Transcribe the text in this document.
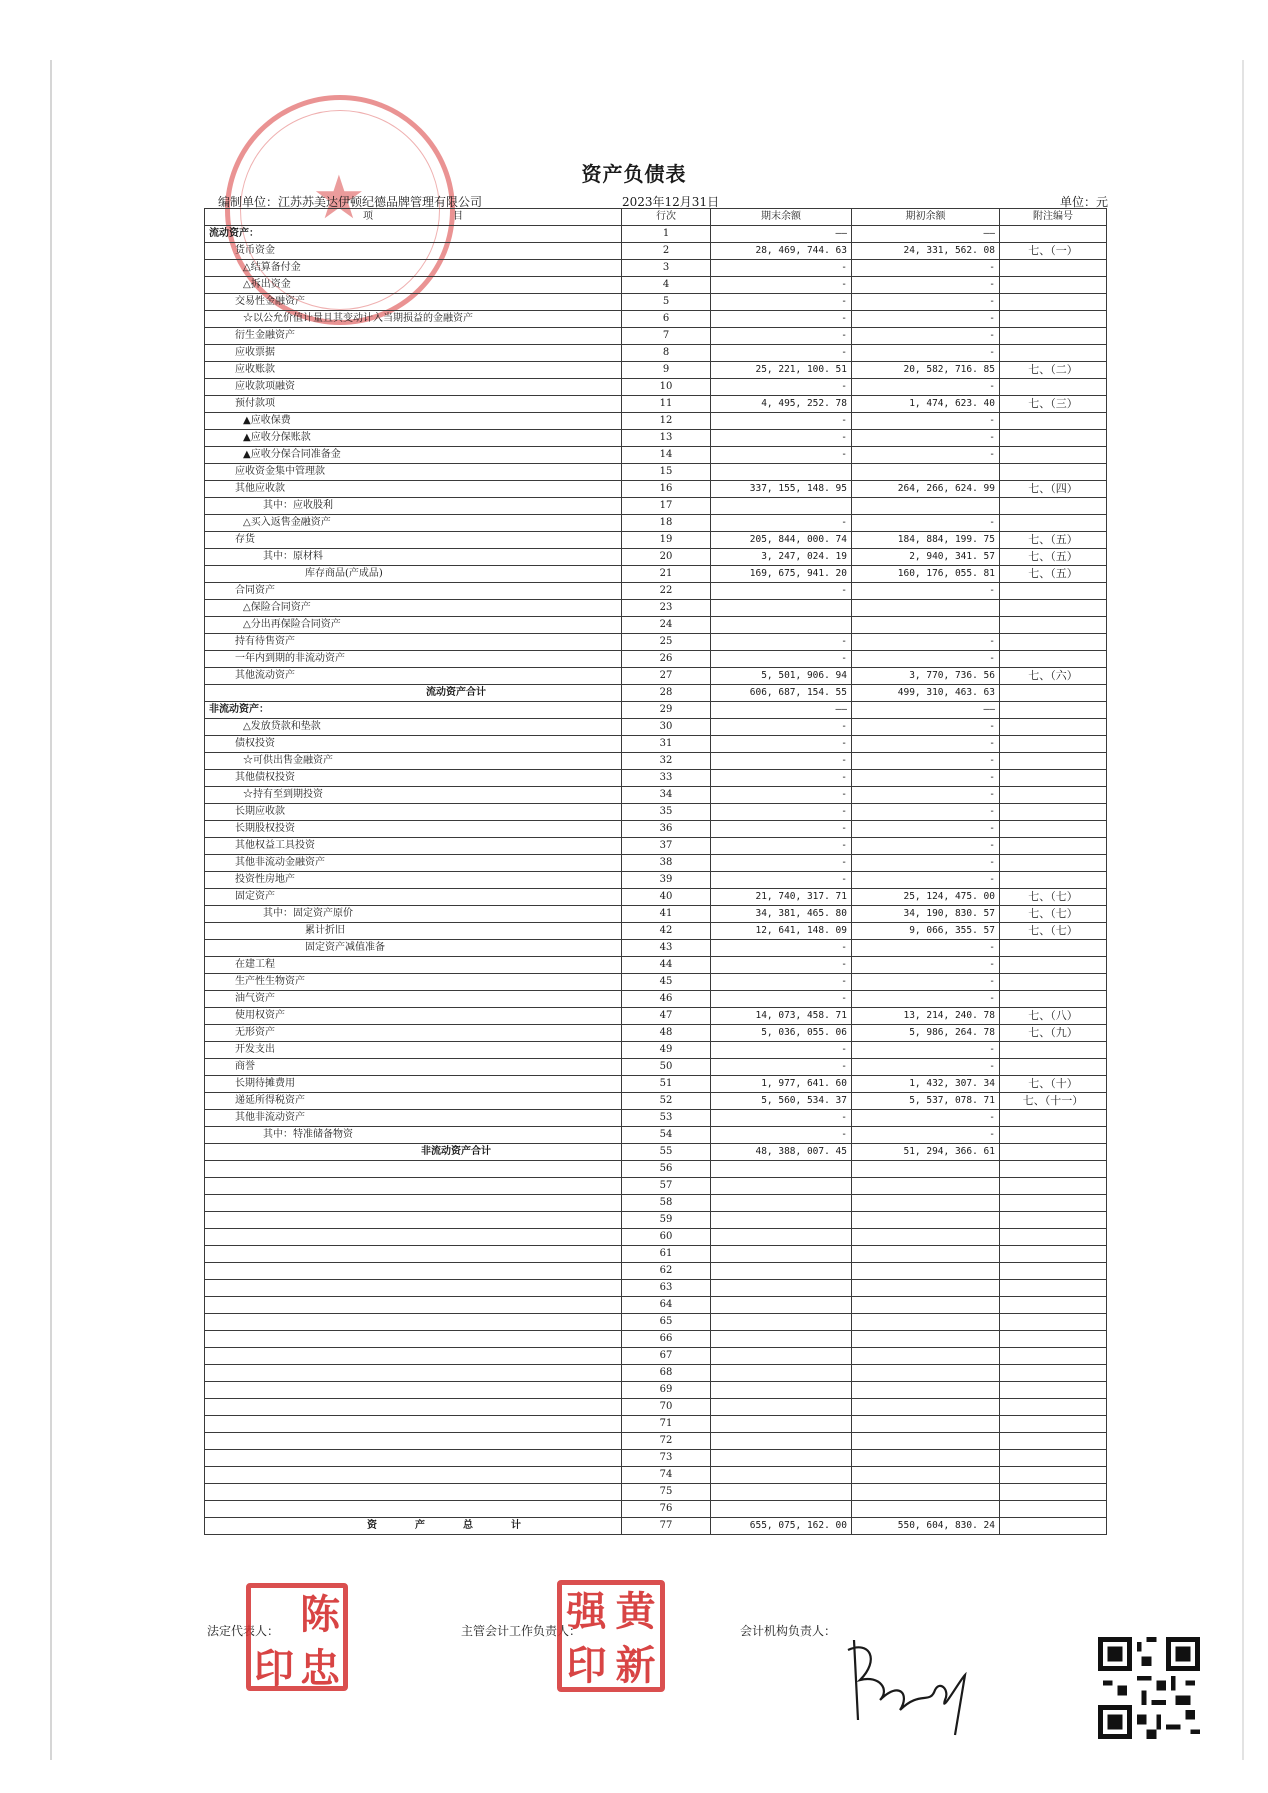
★	资产负债表
编制单位：江苏苏美达伊顿纪德品牌管理有限公司	2023年12月31日	单位：元
项　　　　　　　　目	行次	期末余额	期初余额	附注编号
流动资产：	1	——	——	
货币资金	2	28, 469, 744. 63	24, 331, 562. 08	七、（一）
△结算备付金	3	-	-	
△拆出资金	4	-	-	
交易性金融资产	5	-	-	
☆以公允价值计量且其变动计入当期损益的金融资产	6	-	-	
衍生金融资产	7	-	-	
应收票据	8	-	-	
应收账款	9	25, 221, 100. 51	20, 582, 716. 85	七、（二）
应收款项融资	10	-	-	
预付款项	11	4, 495, 252. 78	1, 474, 623. 40	七、（三）
▲应收保费	12	-	-	
▲应收分保账款	13	-	-	
▲应收分保合同准备金	14	-	-	
应收资金集中管理款	15			
其他应收款	16	337, 155, 148. 95	264, 266, 624. 99	七、（四）
其中：应收股利	17			
△买入返售金融资产	18	-	-	
存货	19	205, 844, 000. 74	184, 884, 199. 75	七、（五）
其中：原材料	20	3, 247, 024. 19	2, 940, 341. 57	七、（五）
库存商品(产成品)	21	169, 675, 941. 20	160, 176, 055. 81	七、（五）
合同资产	22	-	-	
△保险合同资产	23			
△分出再保险合同资产	24			
持有待售资产	25	-	-	
一年内到期的非流动资产	26	-	-	
其他流动资产	27	5, 501, 906. 94	3, 770, 736. 56	七、（六）
流动资产合计	28	606, 687, 154. 55	499, 310, 463. 63	
非流动资产：	29	——	——	
△发放贷款和垫款	30	-	-	
债权投资	31	-	-	
☆可供出售金融资产	32	-	-	
其他债权投资	33	-	-	
☆持有至到期投资	34	-	-	
长期应收款	35	-	-	
长期股权投资	36	-	-	
其他权益工具投资	37	-	-	
其他非流动金融资产	38	-	-	
投资性房地产	39	-	-	
固定资产	40	21, 740, 317. 71	25, 124, 475. 00	七、（七）
其中：固定资产原价	41	34, 381, 465. 80	34, 190, 830. 57	七、（七）
累计折旧	42	12, 641, 148. 09	9, 066, 355. 57	七、（七）
固定资产减值准备	43	-	-	
在建工程	44	-	-	
生产性生物资产	45	-	-	
油气资产	46	-	-	
使用权资产	47	14, 073, 458. 71	13, 214, 240. 78	七、（八）
无形资产	48	5, 036, 055. 06	5, 986, 264. 78	七、（九）
开发支出	49	-	-	
商誉	50	-	-	
长期待摊费用	51	1, 977, 641. 60	1, 432, 307. 34	七、（十）
递延所得税资产	52	5, 560, 534. 37	5, 537, 078. 71	七、（十一）
其他非流动资产	53	-	-	
其中：特准储备物资	54	-	-	
非流动资产合计	55	48, 388, 007. 45	51, 294, 366. 61	
	56			
	57			
	58			
	59			
	60			
	61			
	62			
	63			
	64			
	65			
	66			
	67			
	68			
	69			
	70			
	71			
	72			
	73			
	74			
	75			
	76			
资　产　总　计	77	655, 075, 162. 00	550, 604, 830. 24	
法定代表人：	主管会计工作负责人：	会计机构负责人：
陈
印 忠
强 黄
印 新
